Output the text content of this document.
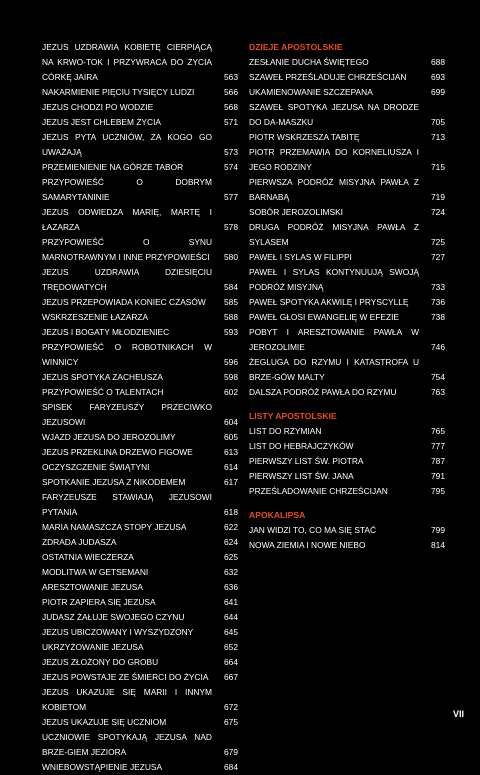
JEZUS UZDRAWIA KOBIETĘ CIERPIĄCĄ NA KRWO-TOK I PRZYWRACA DO ŻYCIA CÓRKĘ JAIRA	563
NAKARMIENIE PIĘCIU TYSIĘCY LUDZI	566
JEZUS CHODZI PO WODZIE	568
JEZUS JEST CHLEBEM ŻYCIA	571
JEZUS PYTA UCZNIÓW, ZA KOGO GO UWAŻAJĄ	573
PRZEMIENIENIE NA GÓRZE TABOR	574
PRZYPOWIEŚĆ O DOBRYM SAMARYTANINIE	577
JEZUS ODWIEDZA MARIĘ, MARTĘ I ŁAZARZA	578
PRZYPOWIEŚĆ O SYNU MARNOTRAWNYM I INNE PRZYPOWIEŚCI	580
JEZUS UZDRAWIA DZIESIĘCIU TRĘDOWATYCH	584
JEZUS PRZEPOWIADA KONIEC CZASÓW	585
WSKRZESZENIE ŁAZARZA	588
JEZUS I BOGATY MŁODZIENIEC	593
PRZYPOWIEŚĆ O ROBOTNIKACH W WINNICY	596
JEZUS SPOTYKA ZACHEUSZA	598
PRZYPOWIEŚĆ O TALENTACH	602
SPISEK FARYZEUSZY PRZECIWKO JEZUSOWI	604
WJAZD JEZUSA DO JEROZOLIMY	605
JEZUS PRZEKLINA DRZEWO FIGOWE	613
OCZYSZCZENIE ŚWIĄTYNI	614
SPOTKANIE JEZUSA Z NIKODEMEM	617
FARYZEUSZE STAWIAJĄ JEZUSOWI PYTANIA	618
MARIA NAMASZCZA STOPY JEZUSA	622
ZDRADA JUDASZA	624
OSTATNIA WIECZERZA	625
MODLITWA W GETSEMANI	632
ARESZTOWANIE JEZUSA	636
PIOTR ZAPIERA SIĘ JEZUSA	641
JUDASZ ŻAŁUJE SWOJEGO CZYNU	644
JEZUS UBICZOWANY I WYSZYDZONY	645
UKRZYŻOWANIE JEZUSA	652
JEZUS ZŁOŻONY DO GROBU	664
JEZUS POWSTAJE ZE ŚMIERCI DO ŻYCIA	667
JEZUS UKAZUJE SIĘ MARII I INNYM KOBIETOM	672
JEZUS UKAZUJE SIĘ UCZNIOM	675
UCZNIOWIE SPOTYKAJĄ JEZUSA NAD BRZE-GIEM JEZIORA	679
WNIEBOWSTĄPIENIE JEZUSA	684
DZIEJE APOSTOLSKIE
ZESŁANIE DUCHA ŚWIĘTEGO	688
SZAWEŁ PRZEŚLADUJE CHRZEŚCIJAN	693
UKAMIENOWANIE SZCZEPANA	699
SZAWEŁ SPOTYKA JEZUSA NA DRODZE DO DA-MASZKU	705
PIOTR WSKRZESZA TABITĘ	713
PIOTR PRZEMAWIA DO KORNELIUSZA I JEGO RODZINY	715
PIERWSZA PODRÓŻ MISYJNA PAWŁA Z BARNABĄ	719
SOBÓR JEROZOLIMSKI	724
DRUGA PODRÓŻ MISYJNA PAWŁA Z SYLASEM	725
PAWEŁ I SYLAS W FILIPPI	727
PAWEŁ I SYLAS KONTYNUUJĄ SWOJĄ PODRÓŻ MISYJNĄ	733
PAWEŁ SPOTYKA AKWILĘ I PRYSCYLLĘ	736
PAWEŁ GŁOSI EWANGELIĘ W EFEZIE	738
POBYT I ARESZTOWANIE PAWŁA W JEROZOLIMIE	746
ŻEGLUGA DO RZYMU I KATASTROFA U BRZE-GÓW MALTY	754
DALSZA PODRÓŻ PAWŁA DO RZYMU	763
LISTY APOSTOLSKIE
LIST DO RZYMIAN	765
LIST DO HEBRAJCZYKÓW	777
PIERWSZY LIST ŚW. PIOTRA	787
PIERWSZY LIST ŚW. JANA	791
PRZEŚLADOWANIE CHRZEŚCIJAN	795
APOKALIPSA
JAN WIDZI TO, CO MA SIĘ STAĆ	799
NOWA ZIEMIA I NOWE NIEBO	814
VII
